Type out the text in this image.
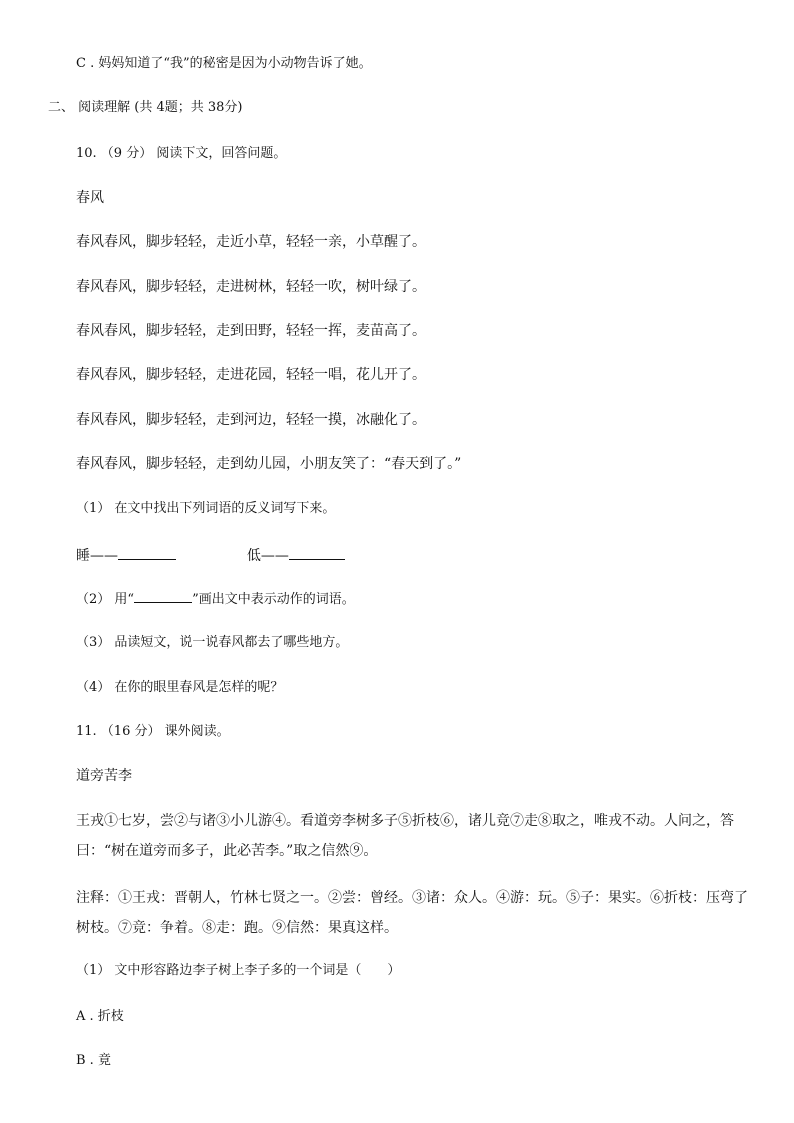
C . 妈妈知道了“我”的秘密是因为小动物告诉了她。
二、 阅读理解 (共 4题；共 38分)
10. （9 分） 阅读下文，回答问题。
春风
春风春风，脚步轻轻，走近小草，轻轻一亲，小草醒了。
春风春风，脚步轻轻，走进树林，轻轻一吹，树叶绿了。
春风春风，脚步轻轻，走到田野，轻轻一挥，麦苗高了。
春风春风，脚步轻轻，走进花园，轻轻一唱，花儿开了。
春风春风，脚步轻轻，走到河边，轻轻一摸，冰融化了。
春风春风，脚步轻轻，走到幼儿园，小朋友笑了：“春天到了。”
（1） 在文中找出下列词语的反义词写下来。
睡——	低——
（2） 用“	”画出文中表示动作的词语。
（3） 品读短文，说一说春风都去了哪些地方。
（4） 在你的眼里春风是怎样的呢？
11. （16 分） 课外阅读。
道旁苦李
王戎①七岁，尝②与诸③小儿游④。看道旁李树多子⑤折枝⑥，诸儿竞⑦走⑧取之，唯戎不动。人问之，答曰：“树在道旁而多子，此必苦李。”取之信然⑨。
注释：①王戎：晋朝人，竹林七贤之一。②尝：曾经。③诸：众人。④游：玩。⑤子：果实。⑥折枝：压弯了树枝。⑦竞：争着。⑧走：跑。⑨信然：果真这样。
（1） 文中形容路边李子树上李子多的一个词是（　　）
A . 折枝
B . 竟
